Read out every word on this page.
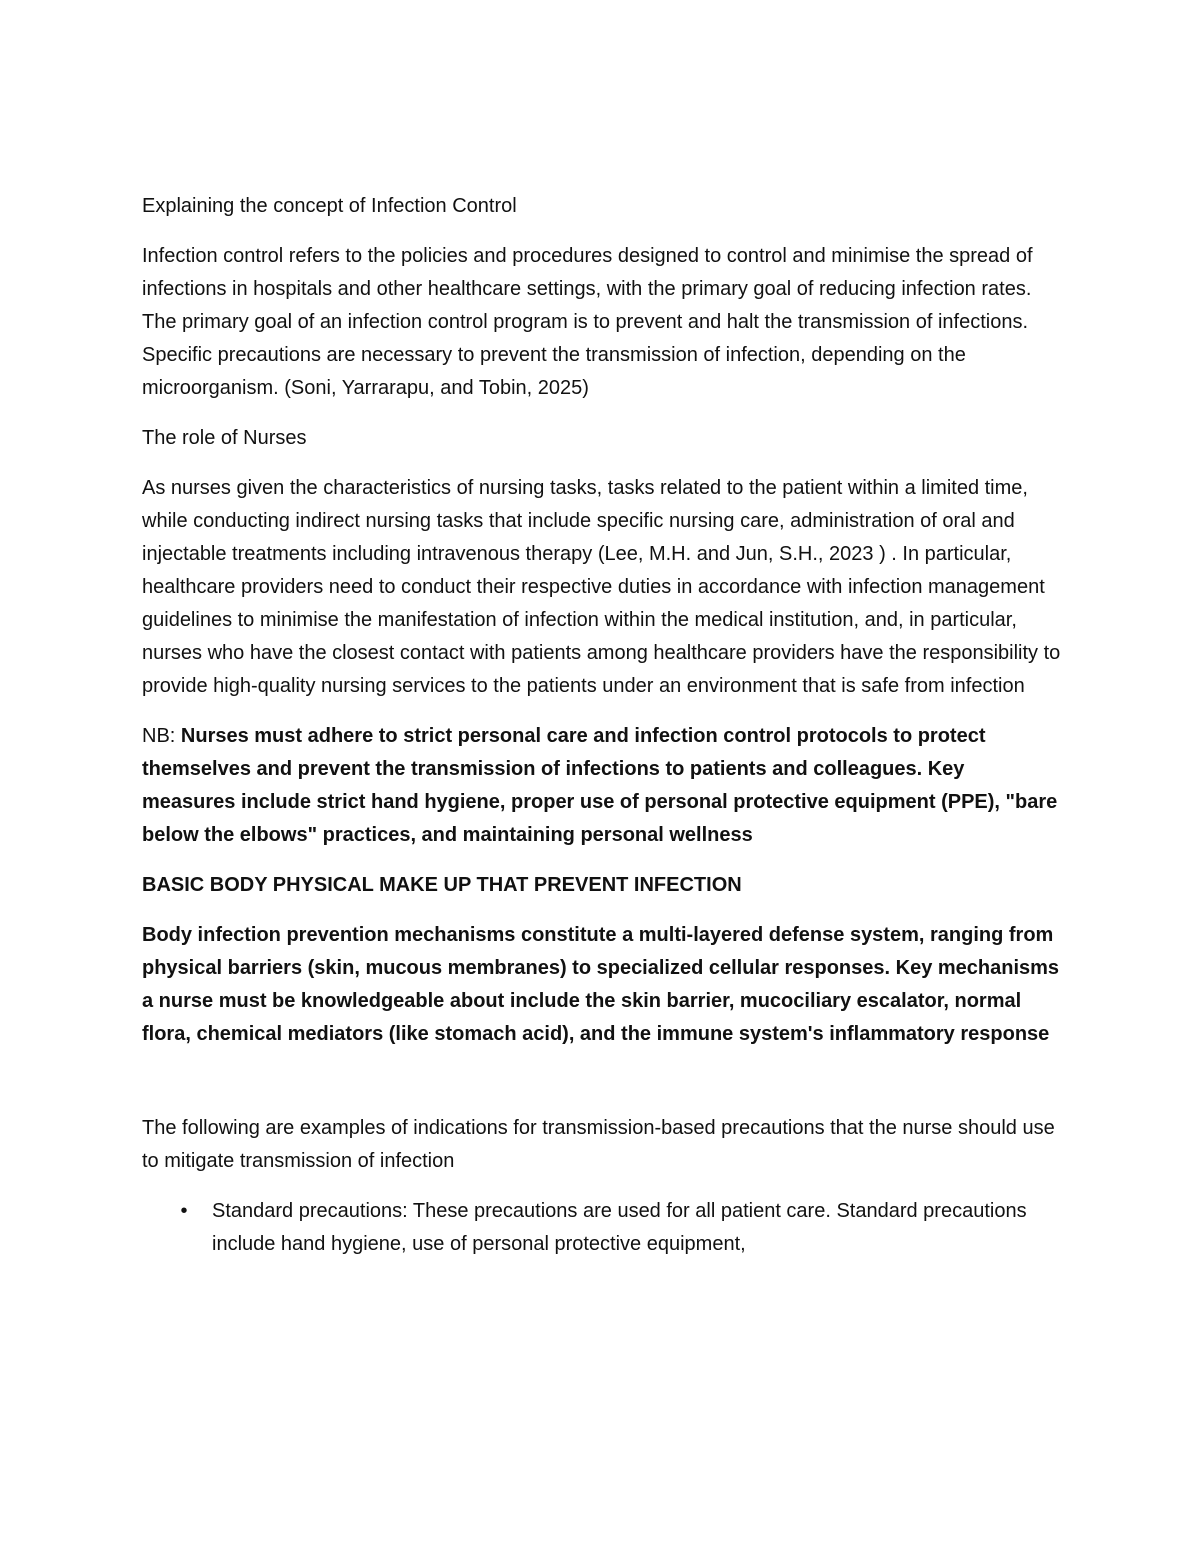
Explaining the concept of Infection Control

Infection control refers to the policies and procedures designed to control and minimise the spread of infections in hospitals and other healthcare settings, with the primary goal of reducing infection rates. The primary goal of an infection control program is to prevent and halt the transmission of infections. Specific precautions are necessary to prevent the transmission of infection, depending on the microorganism. (Soni, Yarrarapu, and Tobin, 2025)

The role of Nurses

As nurses given the characteristics of nursing tasks, tasks related to the patient within a limited time, while conducting indirect nursing tasks that include specific nursing care, administration of oral and injectable treatments including intravenous therapy (Lee, M.H. and Jun, S.H., 2023 ) . In particular, healthcare providers need to conduct their respective duties in accordance with infection management guidelines to minimise the manifestation of infection within the medical institution, and, in particular, nurses who have the closest contact with patients among healthcare providers have the responsibility to provide high-quality nursing services to the patients under an environment that is safe from infection

NB: Nurses must adhere to strict personal care and infection control protocols to protect themselves and prevent the transmission of infections to patients and colleagues. Key measures include strict hand hygiene, proper use of personal protective equipment (PPE), "bare below the elbows" practices, and maintaining personal wellness

BASIC BODY PHYSICAL MAKE UP THAT PREVENT INFECTION

Body infection prevention mechanisms constitute a multi-layered defense system, ranging from physical barriers (skin, mucous membranes) to specialized cellular responses. Key mechanisms a nurse must be knowledgeable about include the skin barrier, mucociliary escalator, normal flora, chemical mediators (like stomach acid), and the immune system's inflammatory response

The following are examples of indications for transmission-based precautions that the nurse should use to mitigate transmission of infection

•	Standard precautions: These precautions are used for all patient care. Standard precautions include hand hygiene, use of personal protective equipment,
